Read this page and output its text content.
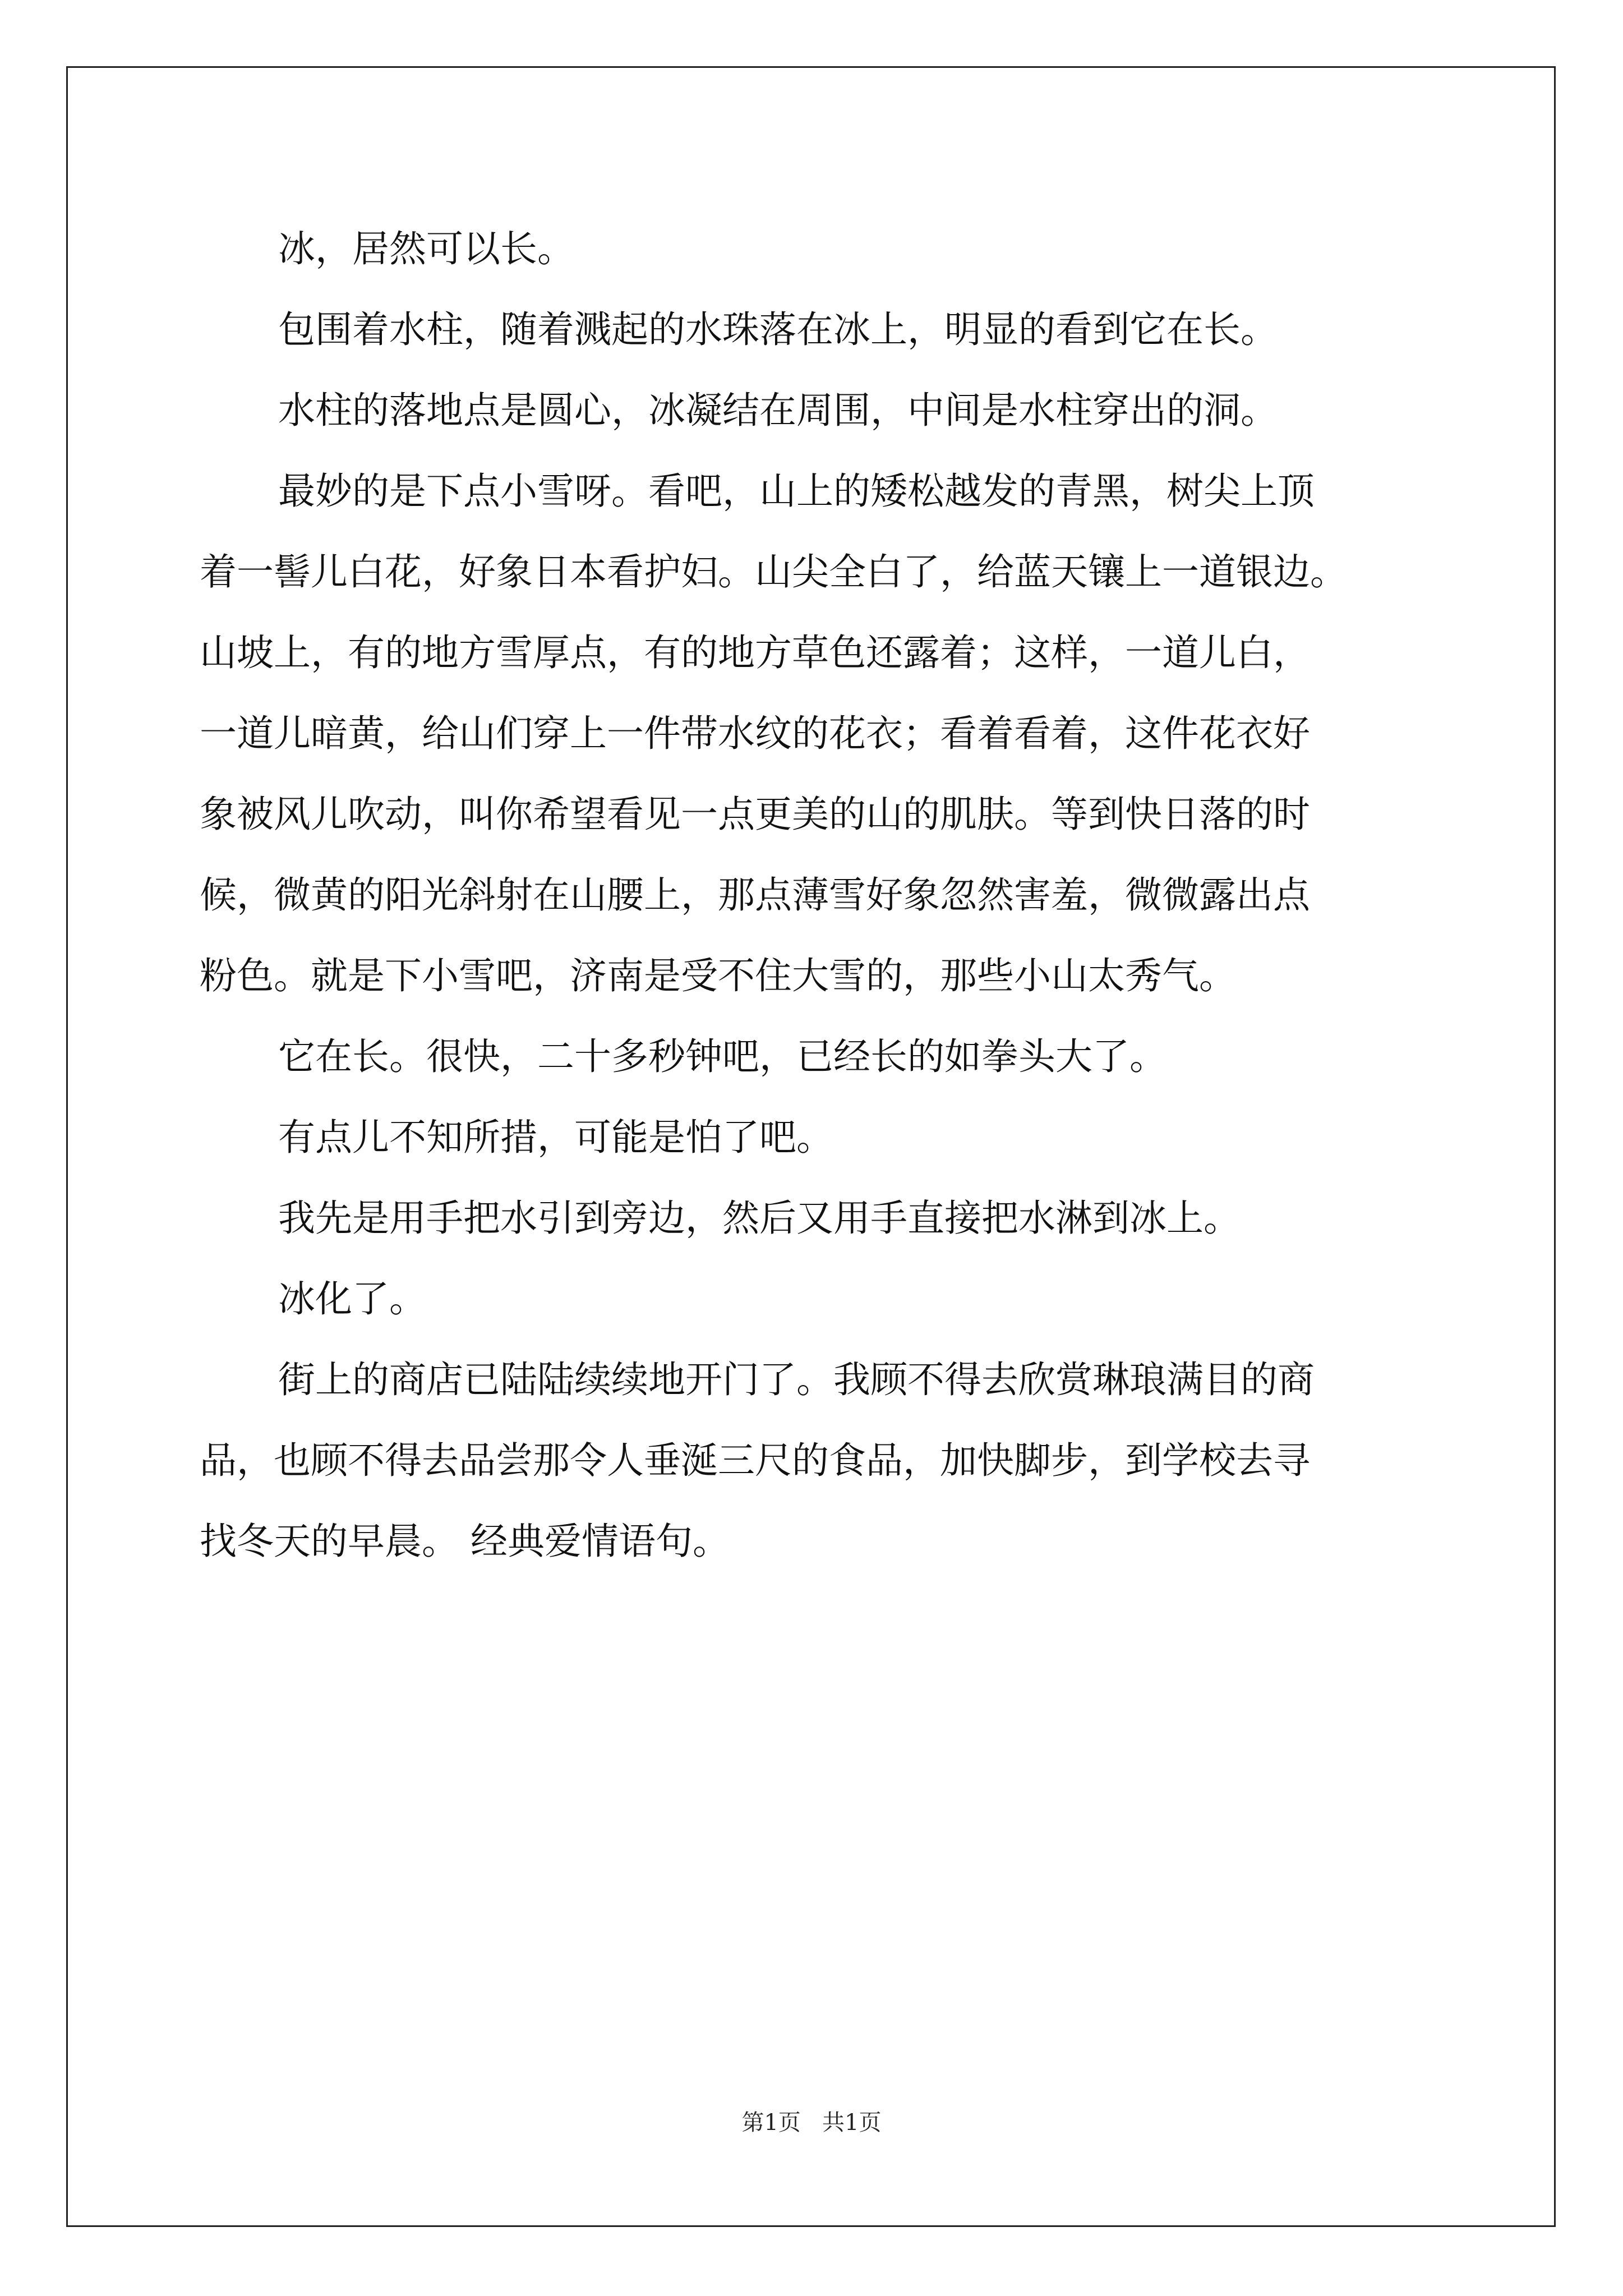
冰，居然可以长。

包围着水柱，随着溅起的水珠落在冰上，明显的看到它在长。

水柱的落地点是圆心，冰凝结在周围，中间是水柱穿出的洞。

最妙的是下点小雪呀。看吧，山上的矮松越发的青黑，树尖上顶
着一髻儿白花，好象日本看护妇。山尖全白了，给蓝天镶上一道银边。
山坡上，有的地方雪厚点，有的地方草色还露着；这样，一道儿白，
一道儿暗黄，给山们穿上一件带水纹的花衣；看着看着，这件花衣好
象被风儿吹动，叫你希望看见一点更美的山的肌肤。等到快日落的时
候，微黄的阳光斜射在山腰上，那点薄雪好象忽然害羞，微微露出点
粉色。就是下小雪吧，济南是受不住大雪的，那些小山太秀气。

它在长。很快，二十多秒钟吧，已经长的如拳头大了。

有点儿不知所措，可能是怕了吧。

我先是用手把水引到旁边，然后又用手直接把水淋到冰上。

冰化了。

街上的商店已陆陆续续地开门了。我顾不得去欣赏琳琅满目的商
品，也顾不得去品尝那令人垂涎三尺的食品，加快脚步，到学校去寻
找冬天的早晨。 经典爱情语句。
第1页   共1页
